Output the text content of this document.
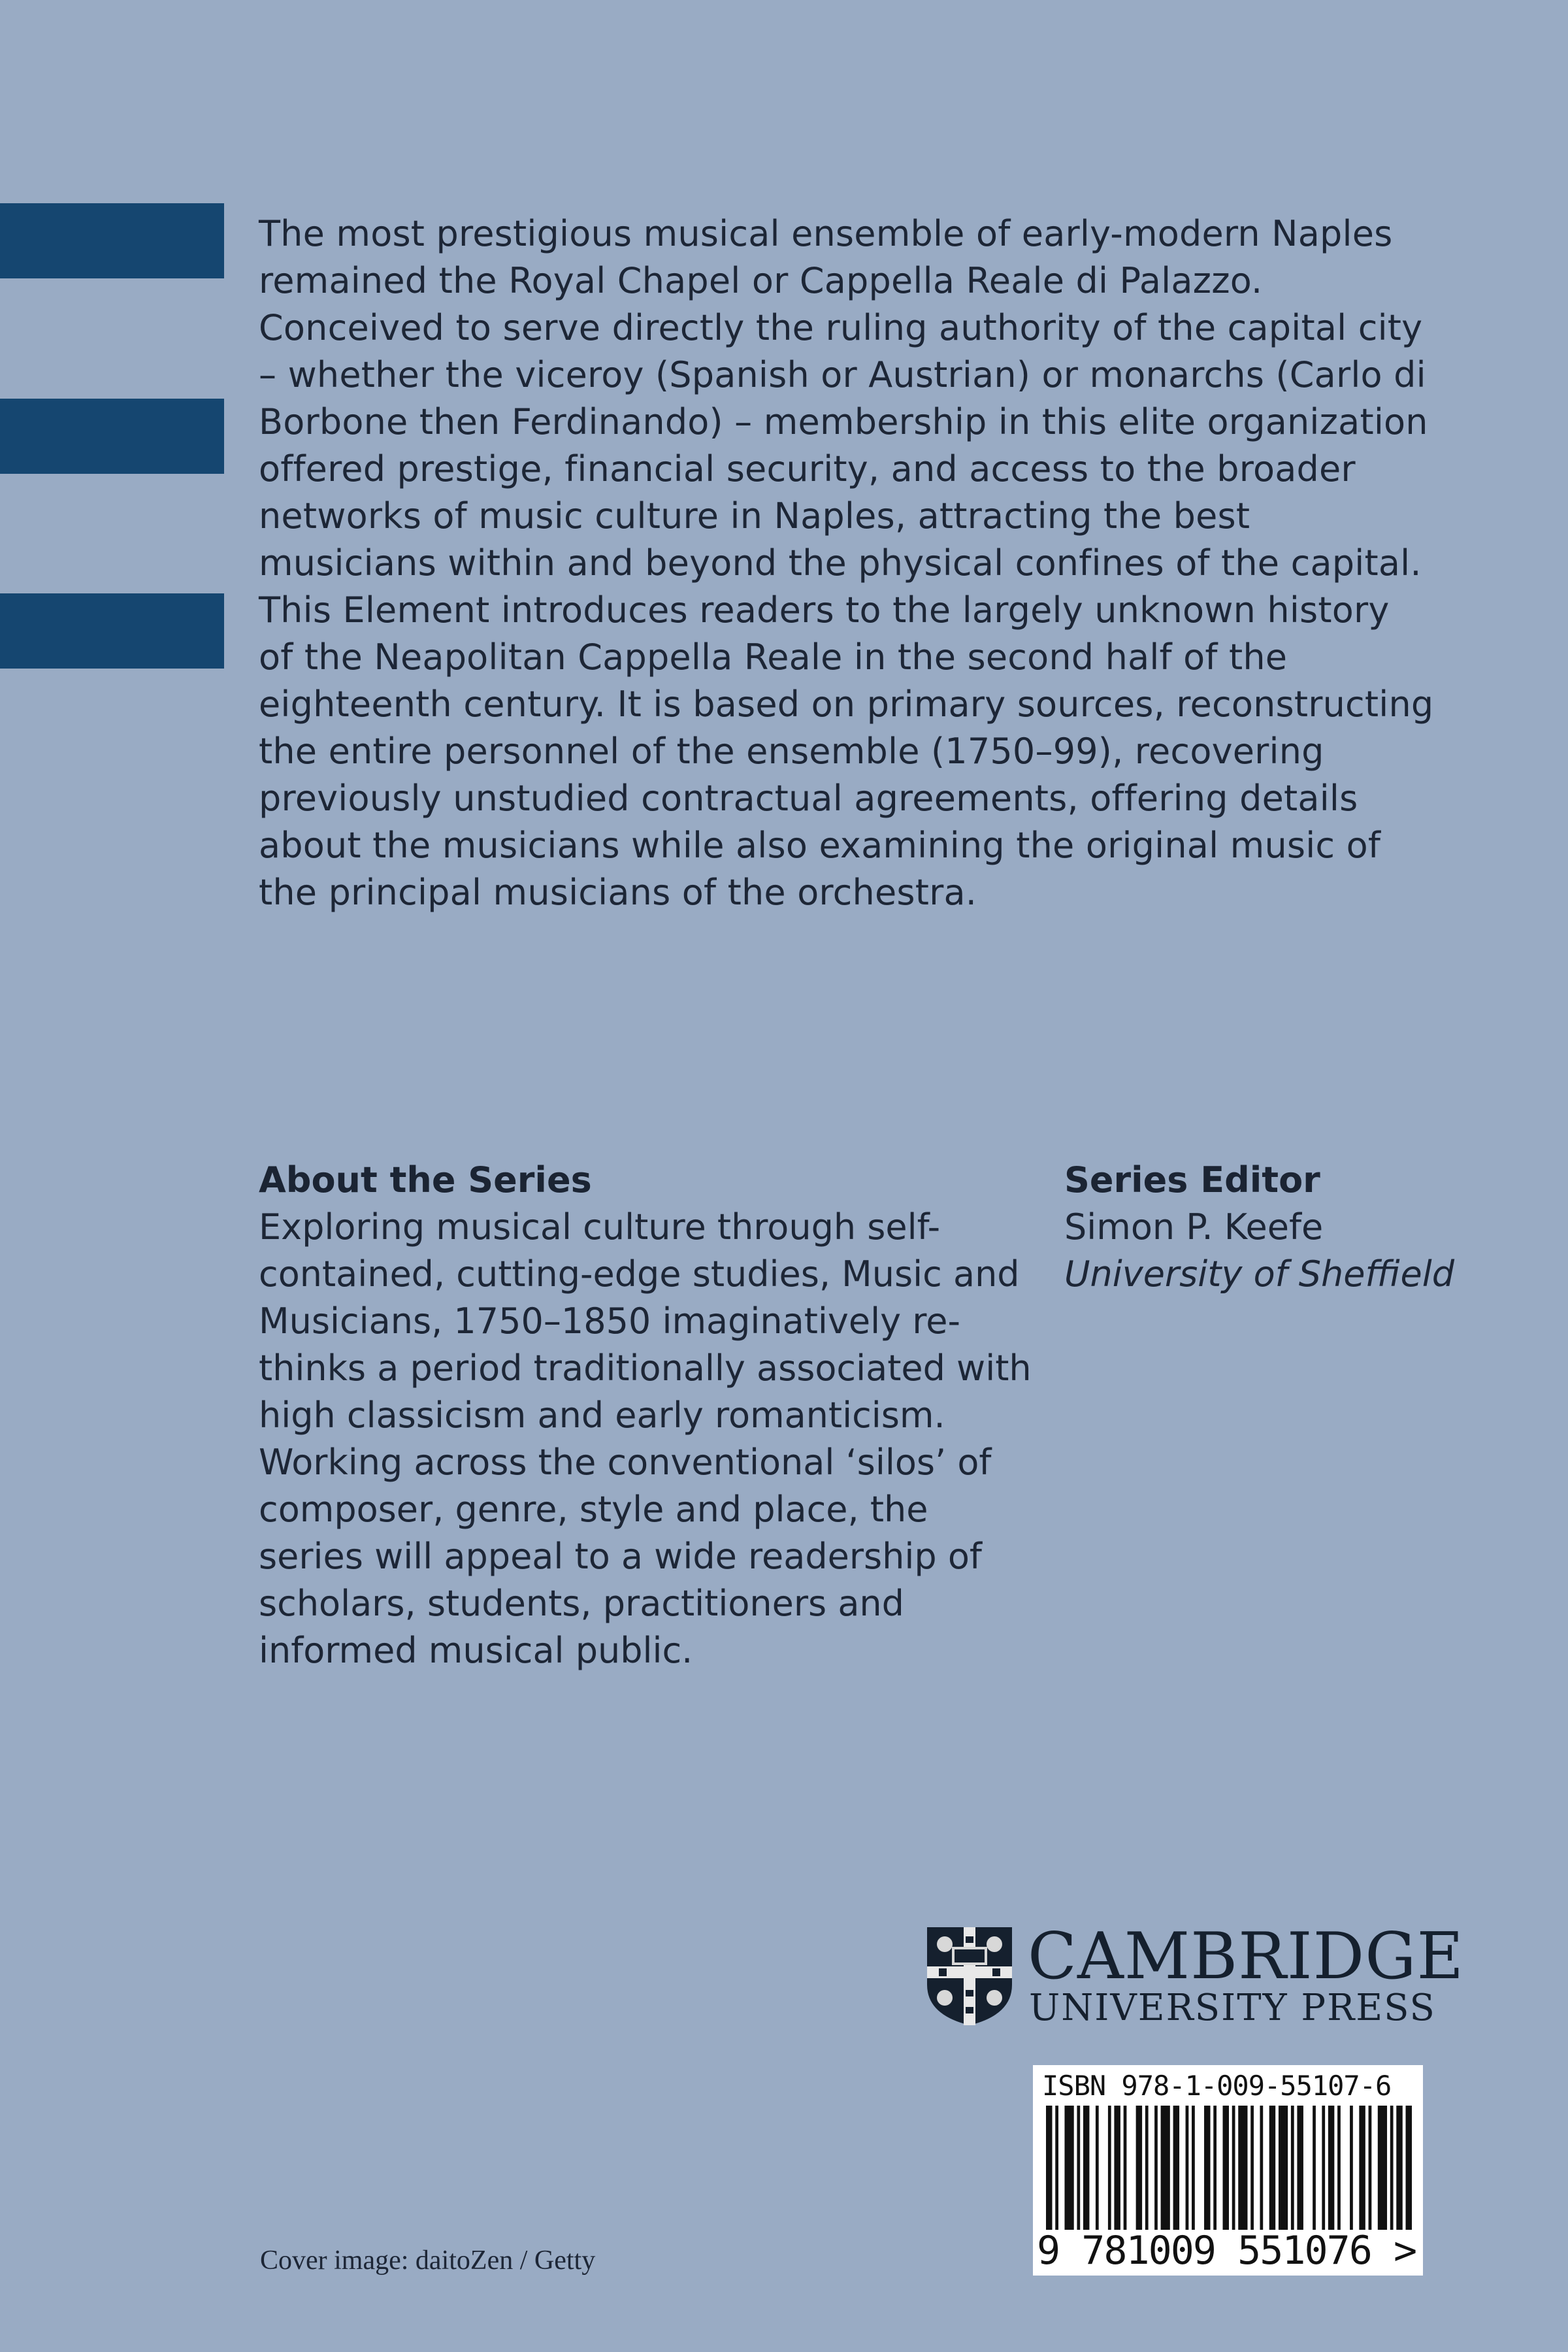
The most prestigious musical ensemble of early-modern Naples remained the Royal Chapel or Cappella Reale di Palazzo. Conceived to serve directly the ruling authority of the capital city – whether the viceroy (Spanish or Austrian) or monarchs (Carlo di Borbone then Ferdinando) – membership in this elite organization offered prestige, financial security, and access to the broader networks of music culture in Naples, attracting the best musicians within and beyond the physical confines of the capital. This Element introduces readers to the largely unknown history of the Neapolitan Cappella Reale in the second half of the eighteenth century. It is based on primary sources, reconstructing the entire personnel of the ensemble (1750–99), recovering previously unstudied contractual agreements, offering details about the musicians while also examining the original music of the principal musicians of the orchestra.

About the Series

Exploring musical culture through self-contained, cutting-edge studies, Music and Musicians, 1750–1850 imaginatively re-thinks a period traditionally associated with high classicism and early romanticism. Working across the conventional ‘silos’ of composer, genre, style and place, the series will appeal to a wide readership of scholars, students, practitioners and informed musical public.

Series Editor

Simon P. Keefe

University of Sheffield

CAMBRIDGE
UNIVERSITY PRESS
ISBN 978-1-009-55107-6
9 781009 551076 >
Cover image: daitoZen / Getty
